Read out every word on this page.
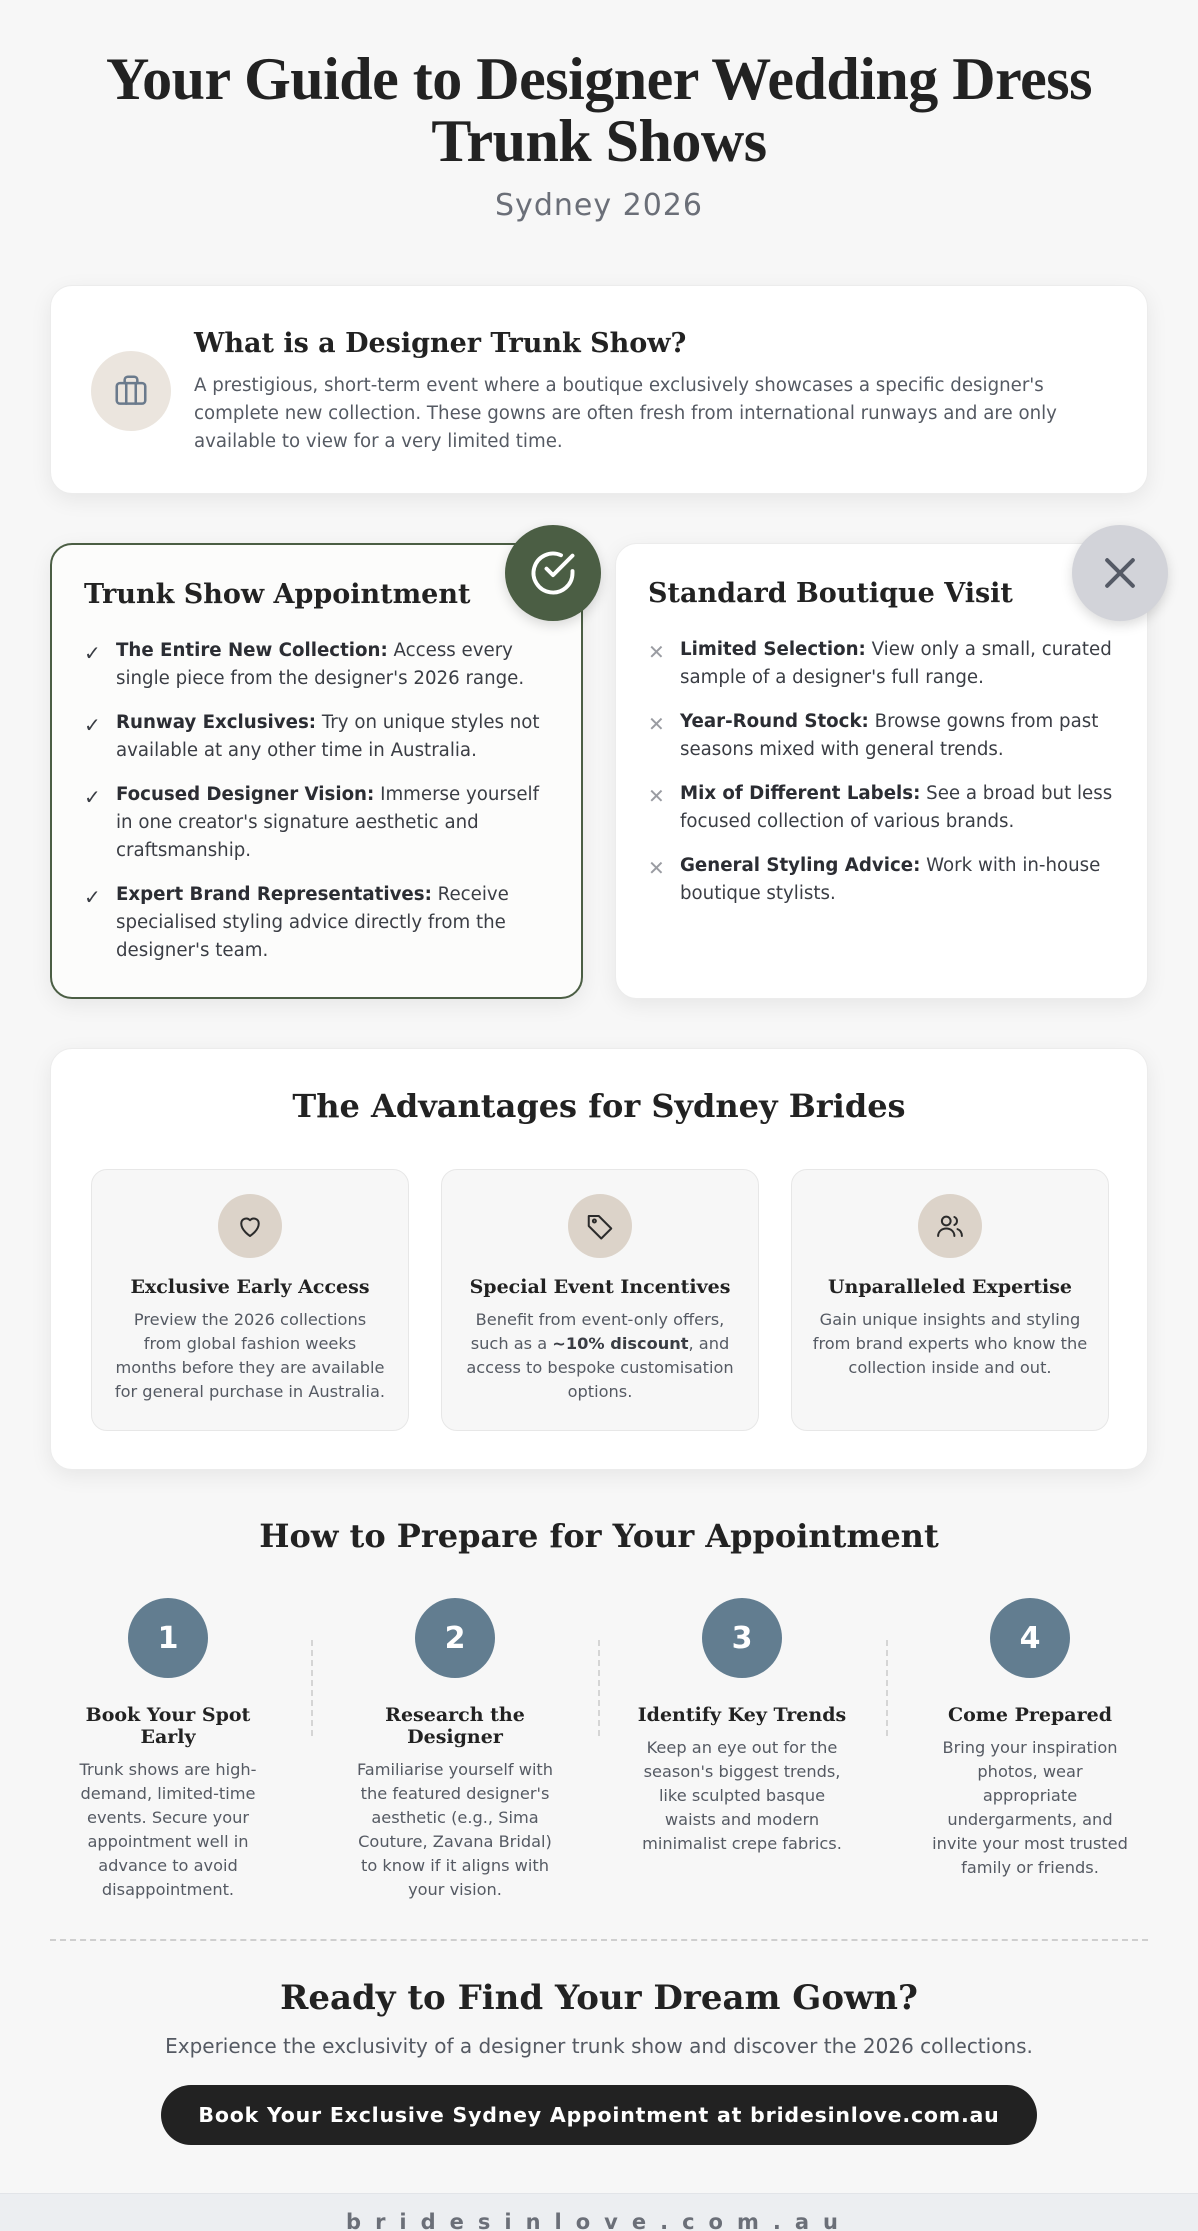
Your Guide to Designer Wedding Dress Trunk Shows
Sydney 2026
What is a Designer Trunk Show?

A prestigious, short-term event where a boutique exclusively showcases a specific designer's complete new collection. These gowns are often fresh from international runways and are only available to view for a very limited time.

Trunk Show Appointment
✓ The Entire New Collection: Access every single piece from the designer's 2026 range.
✓ Runway Exclusives: Try on unique styles not available at any other time in Australia.
✓ Focused Designer Vision: Immerse yourself in one creator's signature aesthetic and craftsmanship.
✓ Expert Brand Representatives: Receive specialised styling advice directly from the designer's team.
Standard Boutique Visit
✕ Limited Selection: View only a small, curated sample of a designer's full range.
✕ Year-Round Stock: Browse gowns from past seasons mixed with general trends.
✕ Mix of Different Labels: See a broad but less focused collection of various brands.
✕ General Styling Advice: Work with in-house boutique stylists.
The Advantages for Sydney Brides
Exclusive Early Access

Preview the 2026 collections from global fashion weeks months before they are available for general purchase in Australia.

Special Event Incentives

Benefit from event-only offers, such as a ~10% discount, and access to bespoke customisation options.

Unparalleled Expertise

Gain unique insights and styling from brand experts who know the collection inside and out.

How to Prepare for Your Appointment
1
Book Your Spot Early

Trunk shows are high-demand, limited-time events. Secure your appointment well in advance to avoid disappointment.

2
Research the Designer

Familiarise yourself with the featured designer's aesthetic (e.g., Sima Couture, Zavana Bridal) to know if it aligns with your vision.

3
Identify Key Trends

Keep an eye out for the season's biggest trends, like sculpted basque waists and modern minimalist crepe fabrics.

4
Come Prepared

Bring your inspiration photos, wear appropriate undergarments, and invite your most trusted family or friends.

Ready to Find Your Dream Gown?

Experience the exclusivity of a designer trunk show and discover the 2026 collections.

Book Your Exclusive Sydney Appointment at bridesinlove.com.au
bridesinlove.com.au
